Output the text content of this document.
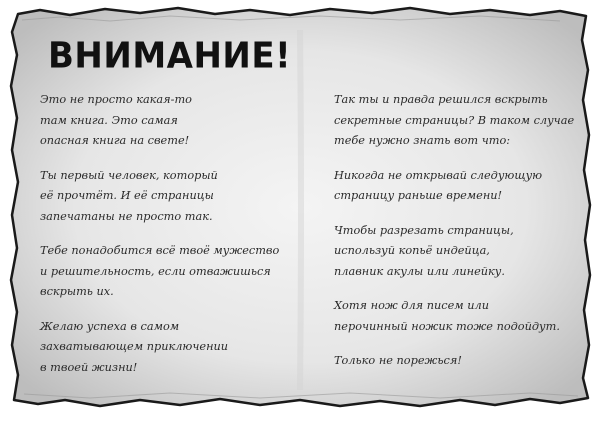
ВНИМАНИЕ!

Это не просто какая-то
там книга. Это самая
опасная книга на свете!

Ты первый человек, который
её прочтёт. И её страницы
запечатаны не просто так.

Тебе понадобится всё твоё мужество
и решительность, если отважишься
вскрыть их.

Желаю успеха в самом
захватывающем приключении
в твоей жизни!

Так ты и правда решился вскрыть
секретные страницы? В таком случае
тебе нужно знать вот что:

Никогда не открывай следующую
страницу раньше времени!

Чтобы разрезать страницы,
используй копьё индейца,
плавник акулы или линейку.

Хотя нож для писем или
перочинный ножик тоже подойдут.

Только не порежься!
